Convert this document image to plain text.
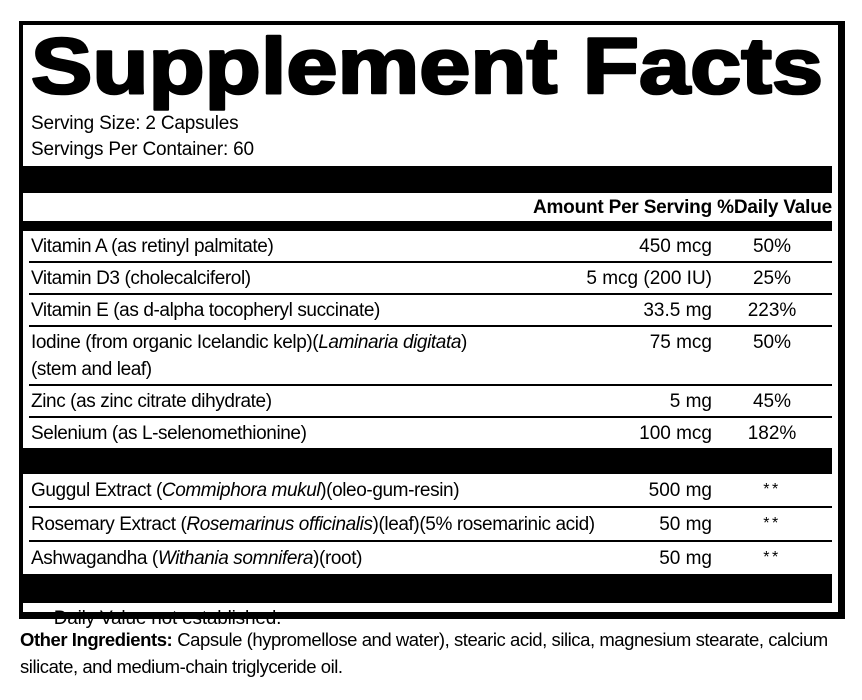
Supplement Facts
Serving Size: 2 Capsules
Servings Per Container: 60
Amount Per Serving %Daily Value
Vitamin A (as retinyl palmitate)	450 mcg	50%
Vitamin D3 (cholecalciferol)	5 mcg (200 IU)	25%
Vitamin E (as d-alpha tocopheryl succinate)	33.5 mg	223%
Iodine (from organic Icelandic kelp)(Laminaria digitata)
(stem and leaf)
75 mcg	50%
Zinc (as zinc citrate dihydrate)	5 mg	45%
Selenium (as L-selenomethionine)	100 mcg	182%
Guggul Extract (Commiphora mukul)(oleo-gum-resin)	500 mg	**
Rosemary Extract (Rosemarinus officinalis)(leaf)(5% rosemarinic acid)	50 mg	**
Ashwagandha (Withania somnifera)(root)	50 mg	**
** Daily Value not established.

Other Ingredients: Capsule (hypromellose and water), stearic acid, silica, magnesium stearate, calcium silicate, and medium-chain triglyceride oil.
